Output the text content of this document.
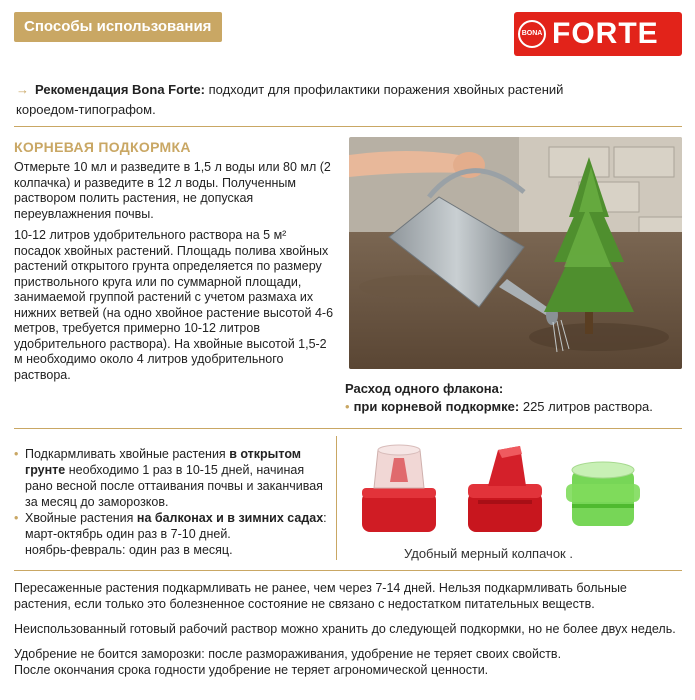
Способы использования	BONA FORTE
→ Рекомендация Bona Forte: подходит для профилактики поражения хвойных растений короедом-типографом.
КОРНЕВАЯ ПОДКОРМКА

Отмерьте 10 мл и разведите в 1,5 л воды или 80 мл (2 колпачка) и разведите в 12 л воды. Полученным раствором полить растения, не допуская переувлажнения почвы.

10-12 литров удобрительного раствора на 5 м² посадок хвойных растений. Площадь полива хвойных растений открытого грунта определяется по размеру приствольного круга или по суммарной площади, занимаемой группой растений с учетом размаха их нижних ветвей (на одно хвойное растение высотой 4-6 метров, требуется примерно 10-12 литров удобрительного раствора). На хвойные высотой 1,5-2 м необходимо около 4 литров удобрительного раствора.

Расход одного флакона:
• при корневой подкормке: 225 литров раствора.
• Подкармливать хвойные растения в открытом грунте необходимо 1 раз в 10-15 дней, начиная рано весной после оттаивания почвы и заканчивая за месяц до заморозков.
• Хвойные растения на балконах и в зимних садах: март-октябрь один раз в 7-10 дней.
ноябрь-февраль: один раз в месяц.	Удобный мерный колпачок .

Пересаженные растения подкармливать не ранее, чем через 7-14 дней. Нельзя подкармливать больные растения, если только это болезненное состояние не связано с недостатком питательных веществ.

Неиспользованный готовый рабочий раствор можно хранить до следующей подкормки, но не более двух недель.

Удобрение не боится заморозки: после размораживания, удобрение не теряет своих свойств.
После окончания срока годности удобрение не теряет агрономической ценности.
